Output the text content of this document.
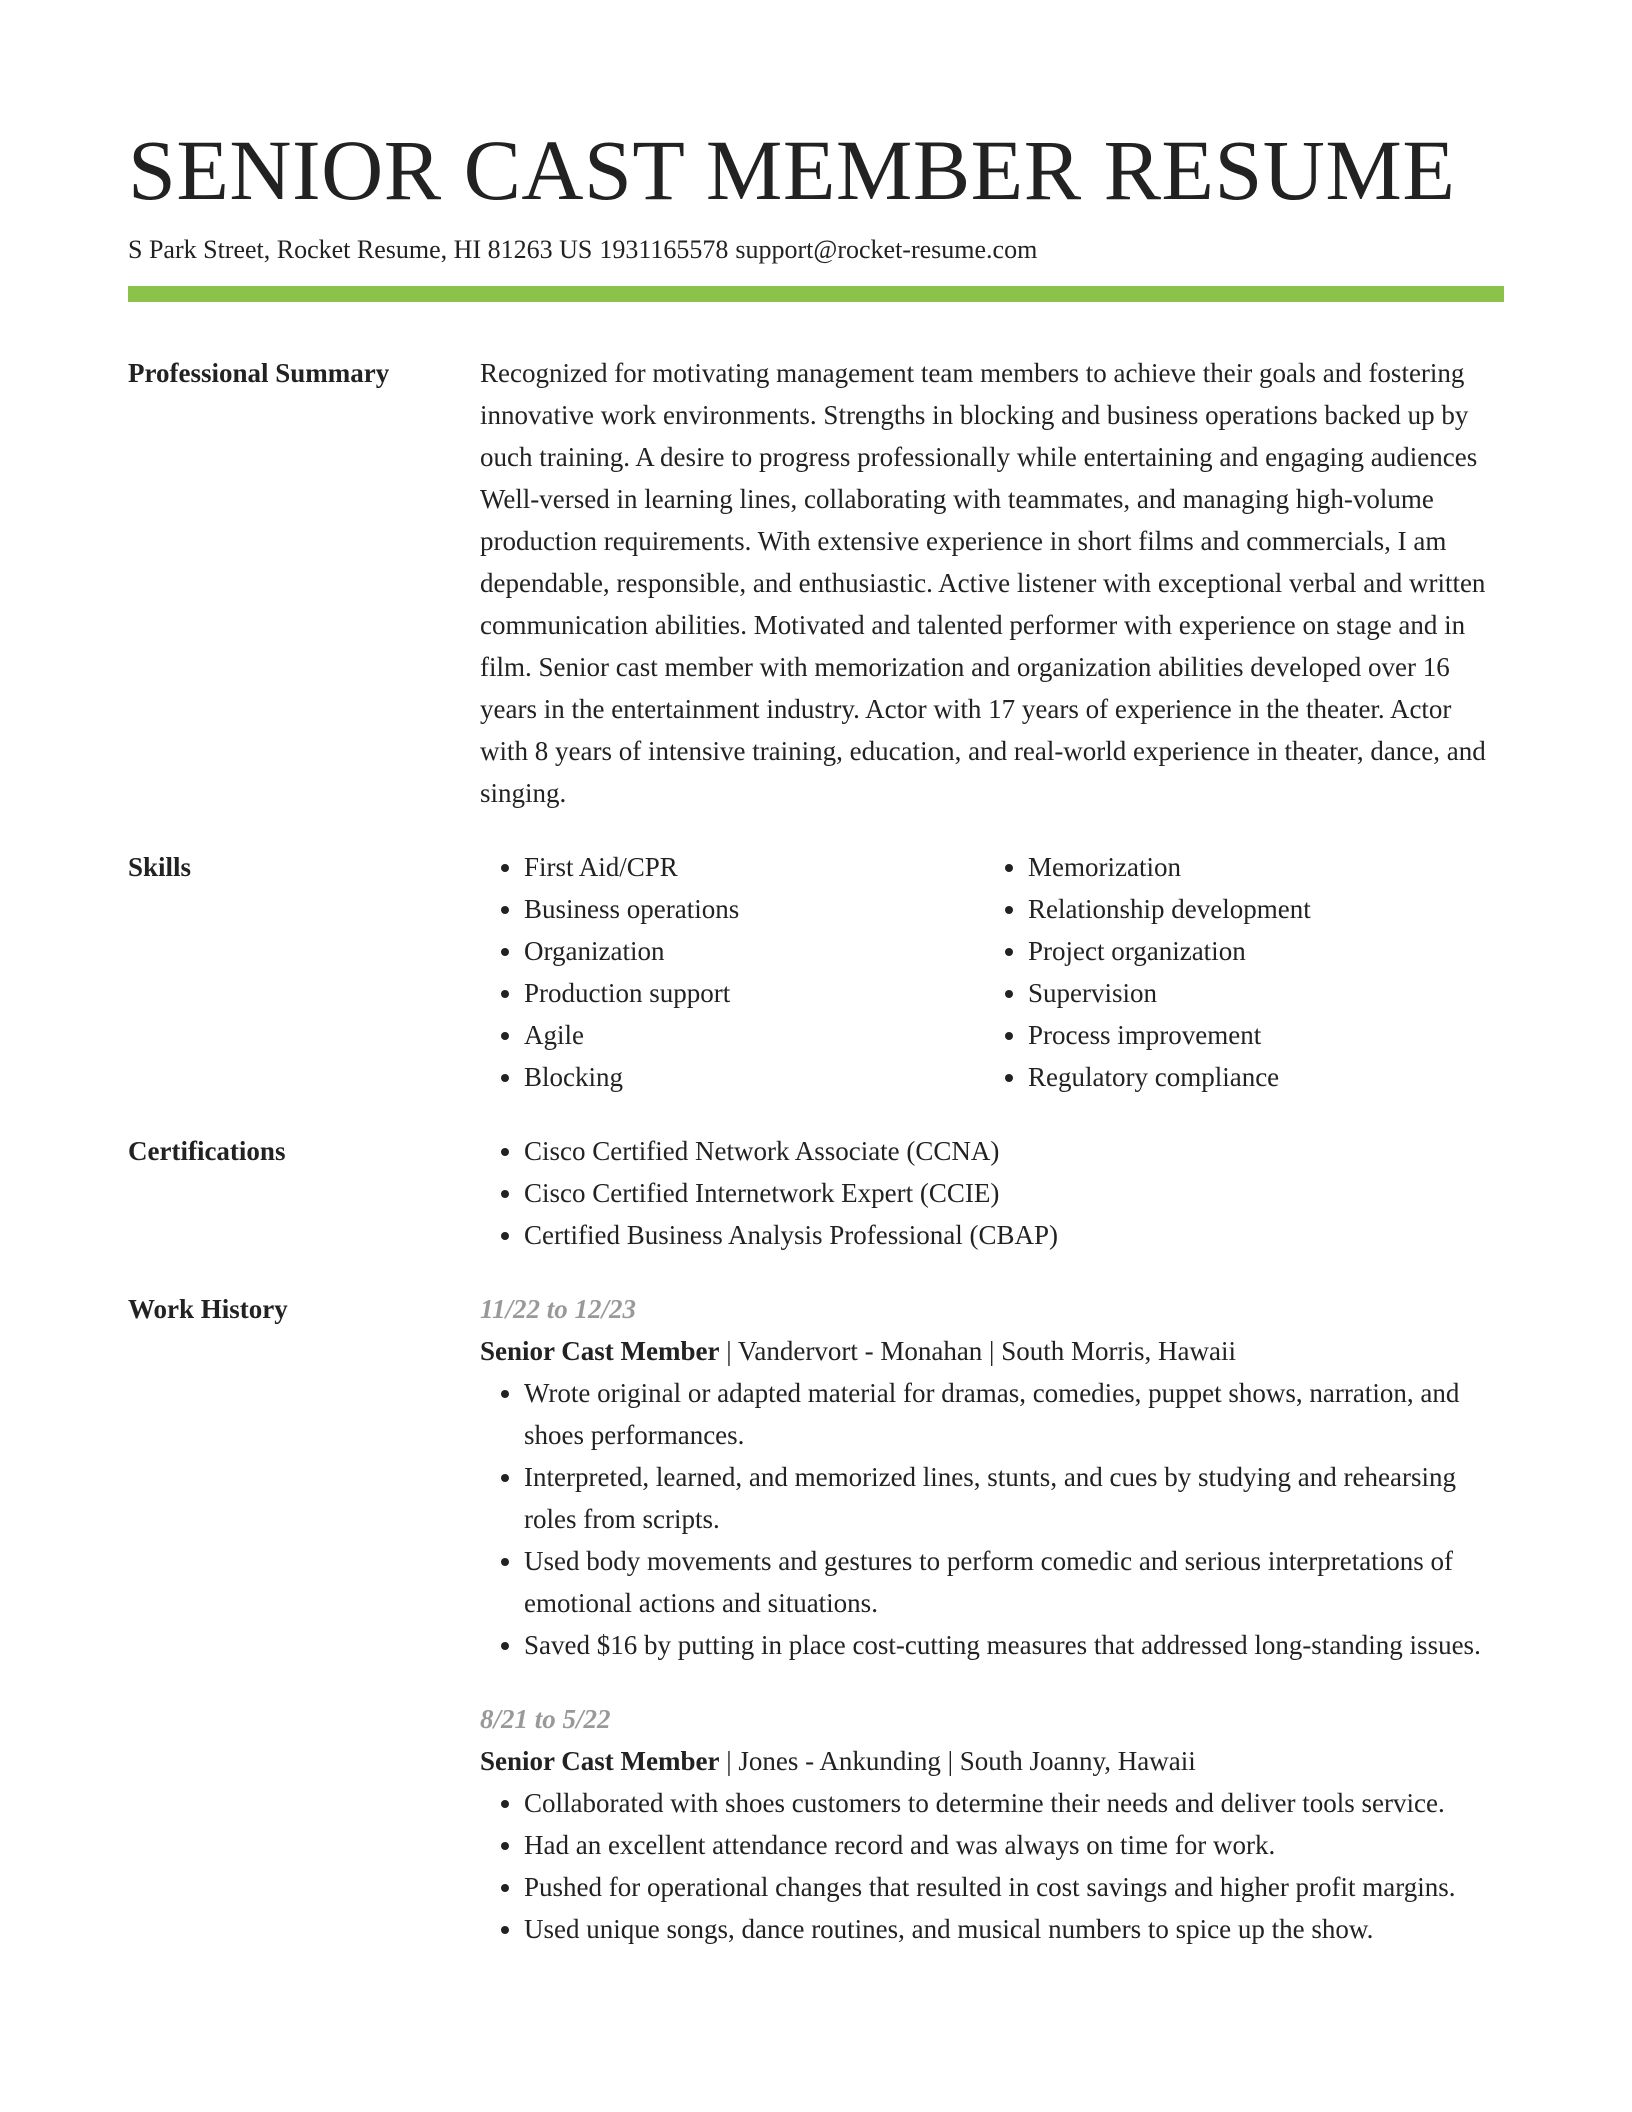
SENIOR CAST MEMBER RESUME
S Park Street, Rocket Resume, HI 81263 US 1931165578 support@rocket-resume.com
Professional Summary	Recognized for motivating management team members to achieve their goals and fostering innovative work environments. Strengths in blocking and business operations backed up by ouch training. A desire to progress professionally while entertaining and engaging audiences Well-versed in learning lines, collaborating with teammates, and managing high-volume production requirements. With extensive experience in short films and commercials, I am dependable, responsible, and enthusiastic. Active listener with exceptional verbal and written communication abilities. Motivated and talented performer with experience on stage and in film. Senior cast member with memorization and organization abilities developed over 16 years in the entertainment industry. Actor with 17 years of experience in the theater. Actor with 8 years of intensive training, education, and real-world experience in theater, dance, and singing.

Skills	• First Aid/CPR
• Business operations
• Organization
• Production support
• Agile
• Blocking
• Memorization
• Relationship development
• Project organization
• Supervision
• Process improvement
• Regulatory compliance
Certifications	• Cisco Certified Network Associate (CCNA)
• Cisco Certified Internetwork Expert (CCIE)
• Certified Business Analysis Professional (CBAP)
Work History	11/22 to 12/23
Senior Cast Member | Vandervort - Monahan | South Morris, Hawaii
• Wrote original or adapted material for dramas, comedies, puppet shows, narration, and shoes performances.
• Interpreted, learned, and memorized lines, stunts, and cues by studying and rehearsing roles from scripts.
• Used body movements and gestures to perform comedic and serious interpretations of emotional actions and situations.
• Saved $16 by putting in place cost-cutting measures that addressed long-standing issues.
8/21 to 5/22
Senior Cast Member | Jones - Ankunding | South Joanny, Hawaii
• Collaborated with shoes customers to determine their needs and deliver tools service.
• Had an excellent attendance record and was always on time for work.
• Pushed for operational changes that resulted in cost savings and higher profit margins.
• Used unique songs, dance routines, and musical numbers to spice up the show.
